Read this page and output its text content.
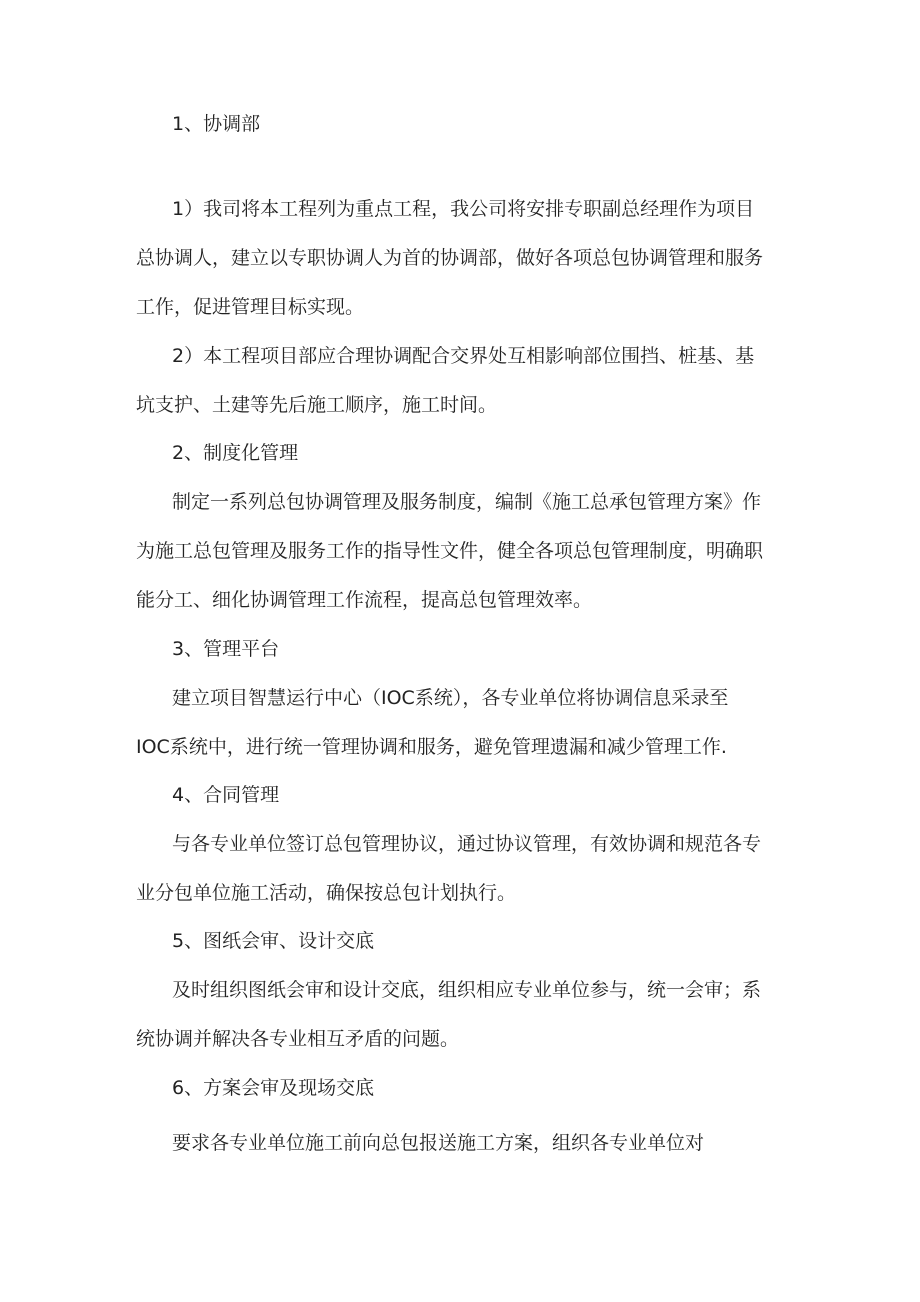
1、协调部

1）我司将本工程列为重点工程，我公司将安排专职副总经理作为项目

总协调人，建立以专职协调人为首的协调部，做好各项总包协调管理和服务

工作，促进管理目标实现。

2）本工程项目部应合理协调配合交界处互相影响部位围挡、桩基、基

坑支护、土建等先后施工顺序，施工时间。

2、制度化管理

制定一系列总包协调管理及服务制度，编制《施工总承包管理方案》作

为施工总包管理及服务工作的指导性文件，健全各项总包管理制度，明确职

能分工、细化协调管理工作流程，提高总包管理效率。

3、管理平台

建立项目智慧运行中心（IOC系统），各专业单位将协调信息采录至

IOC系统中，进行统一管理协调和服务，避免管理遗漏和减少管理工作.

4、合同管理

与各专业单位签订总包管理协议，通过协议管理，有效协调和规范各专

业分包单位施工活动，确保按总包计划执行。

5、图纸会审、设计交底

及时组织图纸会审和设计交底，组织相应专业单位参与，统一会审；系

统协调并解决各专业相互矛盾的问题。

6、方案会审及现场交底

要求各专业单位施工前向总包报送施工方案，组织各专业单位对
